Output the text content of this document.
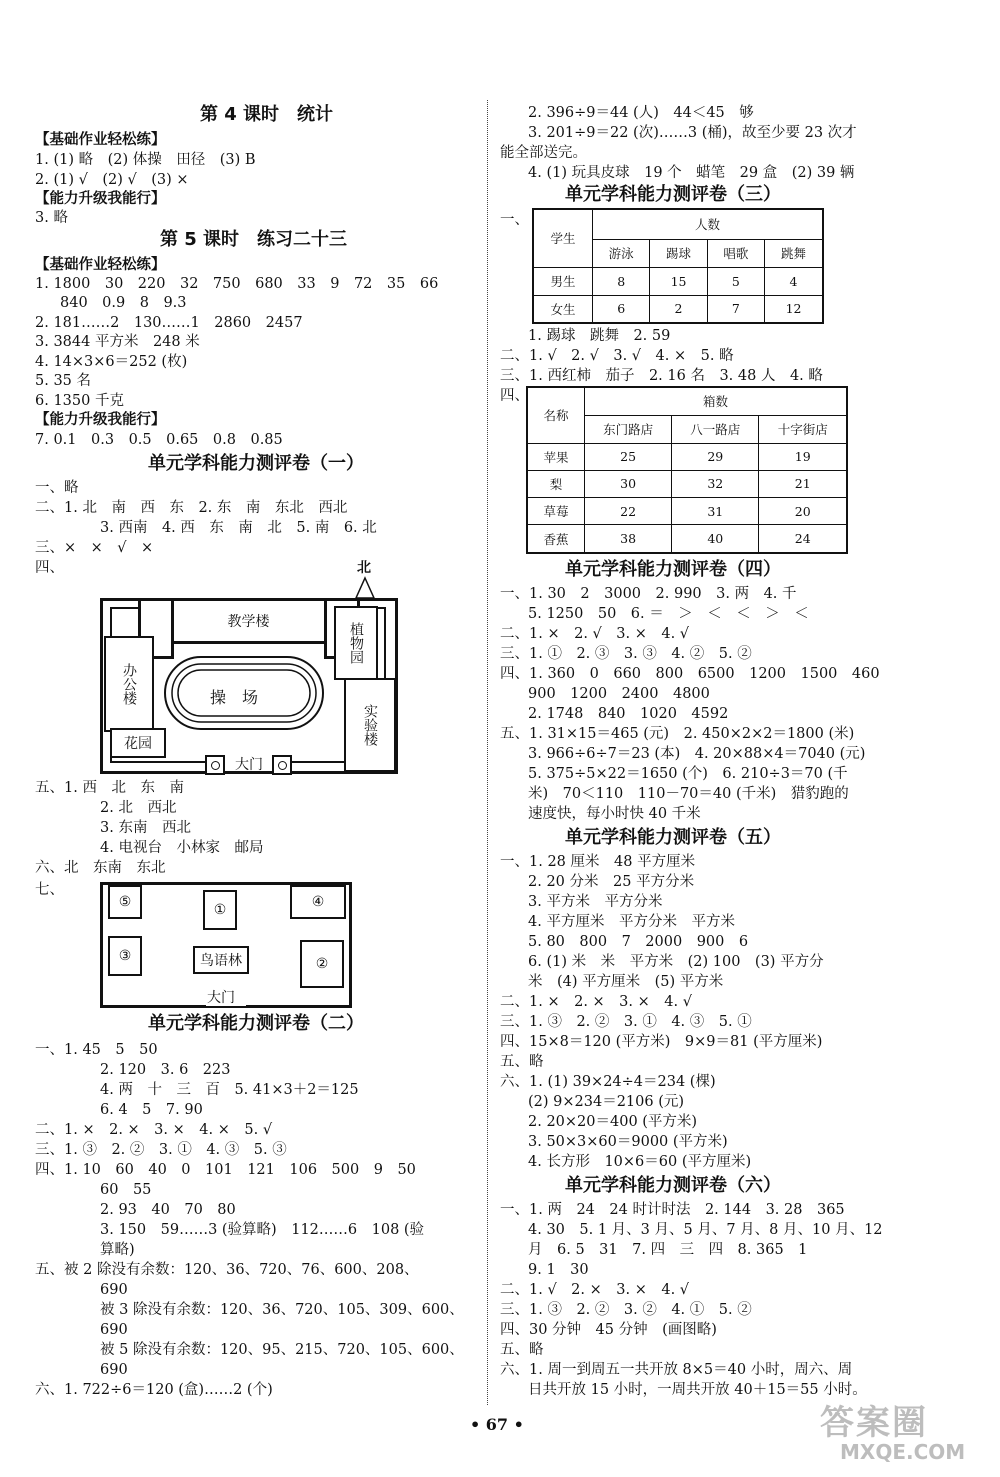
第 4 课时　统计
【基础作业轻松练】
1. (1) 略　(2) 体操　田径　(3) B
2. (1) √　(2) √　(3) ×
【能力升级我能行】
3. 略
第 5 课时　练习二十三
【基础作业轻松练】
1. 1800　30　220　32　750　680　33　9　72　35　66
840　0.9　8　9.3
2. 181……2　130……1　2860　2457
3. 3844 平方米　248 米
4. 14×3×6＝252 (枚)
5. 35 名
6. 1350 千克
【能力升级我能行】
7. 0.1　0.3　0.5　0.65　0.8　0.85
单元学科能力测评卷（一）
一、略
二、1. 北　南　西　东　2. 东　南　东北　西北
3. 西南　4. 西　东　南　北　5. 南　6. 北
三、×　×　√　×
四、	北
教学楼	植物园
办公楼	操　场
实验楼
花园
大门
五、1. 西　北　东　南
2. 北　西北
3. 东南　西北
4. 电视台　小林家　邮局
六、北　东南　东北
七、
⑤	①	④
③	鸟语林	②
大门
单元学科能力测评卷（二）
一、1. 45　5　50
2. 120　3. 6　223
4. 两　十　三　百　5. 41×3＋2＝125
6. 4　5　7. 90
二、1. ×　2. ×　3. ×　4. ×　5. √
三、1. ③　2. ②　3. ①　4. ③　5. ③
四、1. 10　60　40　0　101　121　106　500　9　50
60　55
2. 93　40　70　80
3. 150　59……3 (验算略)　112……6　108 (验
算略)
五、被 2 除没有余数：120、36、720、76、600、208、
690
被 3 除没有余数：120、36、720、105、309、600、
690
被 5 除没有余数：120、95、215、720、105、600、
690
六、1. 722÷6＝120 (盒)……2 (个)
2. 396÷9＝44 (人)　44＜45　够
3. 201÷9＝22 (次)……3 (桶)，故至少要 23 次才
能全部送完。
4. (1) 玩具皮球　19 个　蜡笔　29 盒　(2) 39 辆
单元学科能力测评卷（三）
一、
学生	人数			
	游泳	踢球	唱歌	跳舞
男生	8	15	5	4
女生	6	2	7	12
1. 踢球　跳舞　2. 59
二、1. √　2. √　3. √　4. ×　5. 略
三、1. 西红柿　茄子　2. 16 名　3. 48 人　4. 略
四、
名称	箱数		
	东门路店	八一路店	十字街店
苹果	25	29	19
梨	30	32	21
草莓	22	31	20
香蕉	38	40	24
单元学科能力测评卷（四）
一、1. 30　2　3000　2. 990　3. 两　4. 千
5. 1250　50　6. ＝　＞　＜　＜　＞　＜
二、1. ×　2. √　3. ×　4. √
三、1. ①　2. ③　3. ③　4. ②　5. ②
四、1. 360　0　660　800　6500　1200　1500　460
900　1200　2400　4800
2. 1748　840　1020　4592
五、1. 31×15＝465 (元)　2. 450×2×2＝1800 (米)
3. 966÷6÷7＝23 (本)　4. 20×88×4＝7040 (元)
5. 375÷5×22＝1650 (个)　6. 210÷3＝70 (千
米)　70＜110　110－70＝40 (千米)　猎豹跑的
速度快，每小时快 40 千米
单元学科能力测评卷（五）
一、1. 28 厘米　48 平方厘米
2. 20 分米　25 平方分米
3. 平方米　平方分米
4. 平方厘米　平方分米　平方米
5. 80　800　7　2000　900　6
6. (1) 米　米　平方米　(2) 100　(3) 平方分
米　(4) 平方厘米　(5) 平方米
二、1. ×　2. ×　3. ×　4. √
三、1. ③　2. ②　3. ①　4. ③　5. ①
四、15×8＝120 (平方米)　9×9＝81 (平方厘米)
五、略
六、1. (1) 39×24÷4＝234 (棵)
(2) 9×234＝2106 (元)
2. 20×20＝400 (平方米)
3. 50×3×60＝9000 (平方米)
4. 长方形　10×6＝60 (平方厘米)
单元学科能力测评卷（六）
一、1. 两　24　24 时计时法　2. 144　3. 28　365
4. 30　5. 1 月、3 月、5 月、7 月、8 月、10 月、12
月　6. 5　31　7. 四　三　四　8. 365　1
9. 1　30
二、1. √　2. ×　3. ×　4. √
三、1. ③　2. ②　3. ②　4. ①　5. ②
四、30 分钟　45 分钟　(画图略)
五、略
六、1. 周一到周五一共开放 8×5＝40 小时，周六、周
日共开放 15 小时，一周共开放 40＋15＝55 小时。
• 67 •	答案圈
MXQE.COM
